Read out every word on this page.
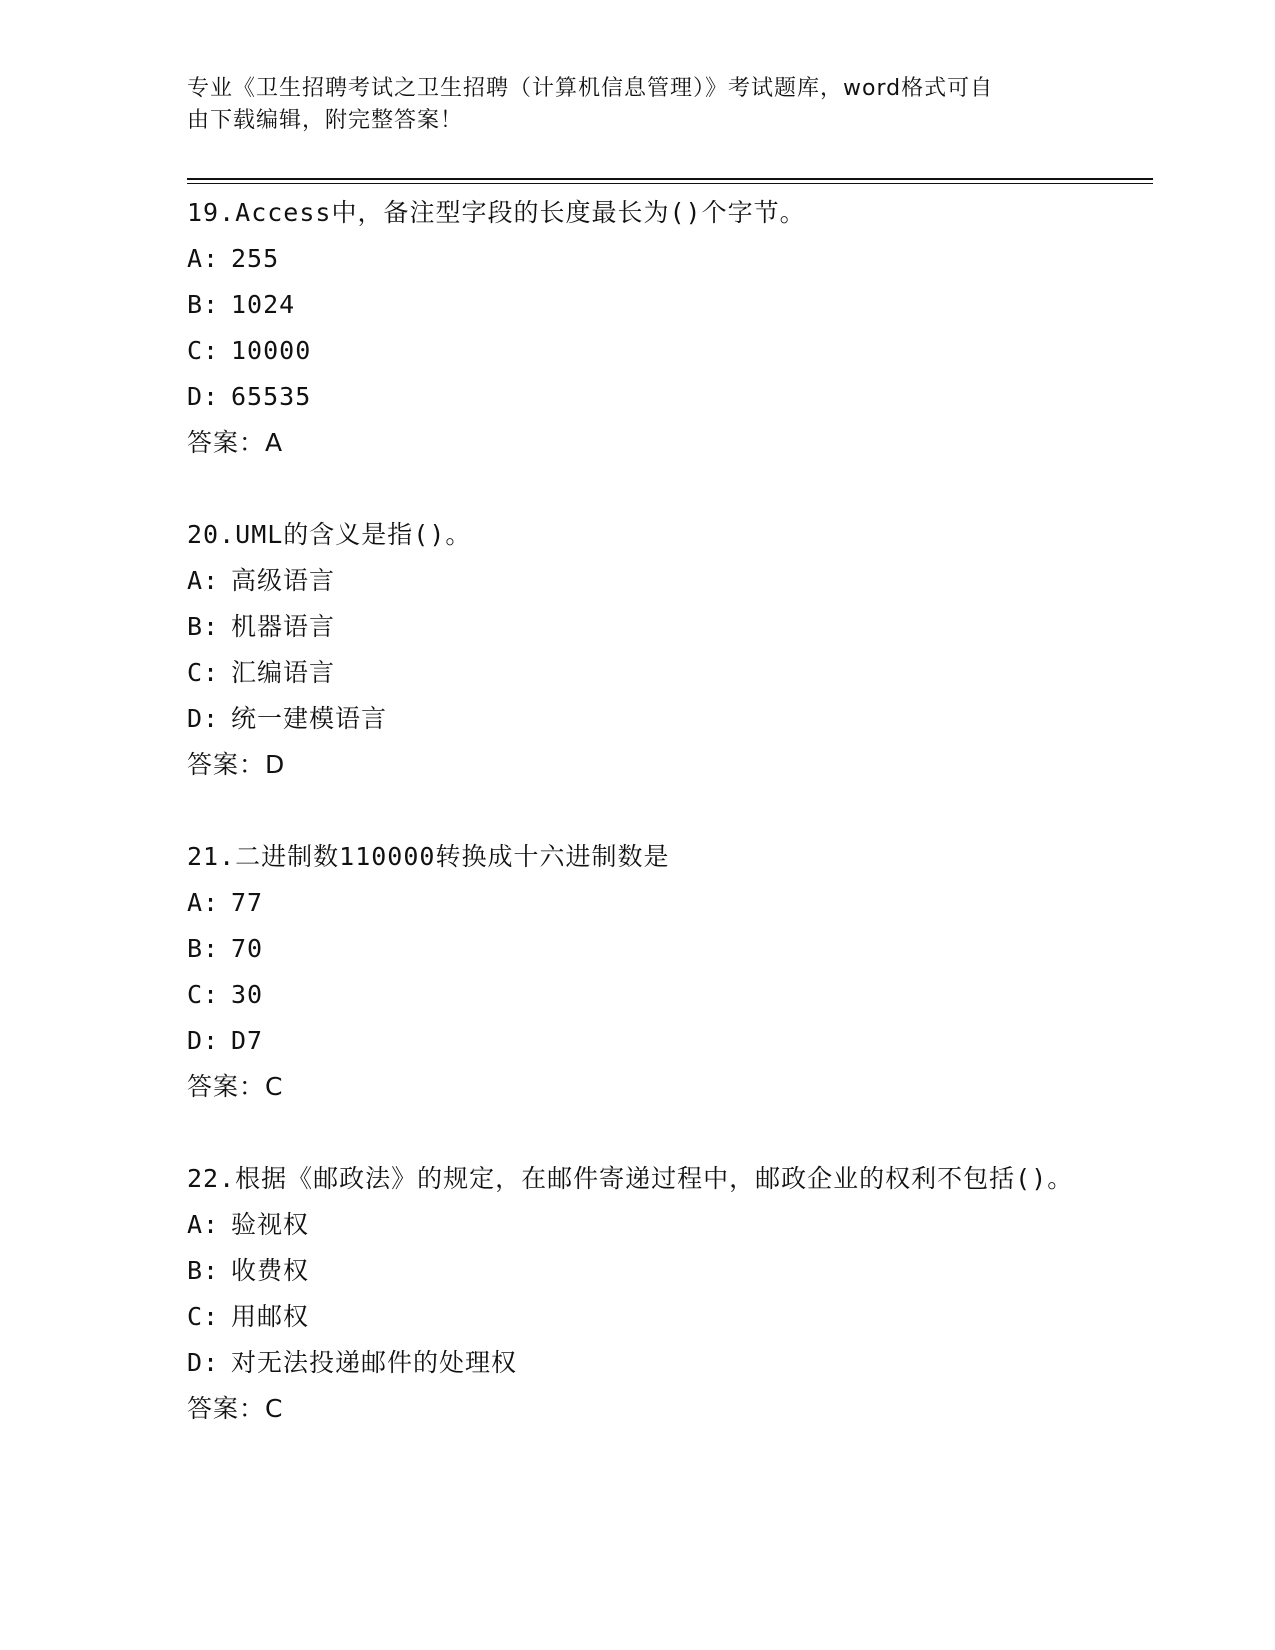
专业《卫生招聘考试之卫生招聘（计算机信息管理）》考试题库，word格式可自
由下载编辑，附完整答案！
19.Access中，备注型字段的长度最长为()个字节。
A: 255
B: 1024
C: 10000
D: 65535
答案：A
20.UML的含义是指()。
A: 高级语言
B: 机器语言
C: 汇编语言
D: 统一建模语言
答案：D
21.二进制数110000转换成十六进制数是
A: 77
B: 70
C: 30
D: D7
答案：C
22.根据《邮政法》的规定，在邮件寄递过程中，邮政企业的权利不包括()。
A: 验视权
B: 收费权
C: 用邮权
D: 对无法投递邮件的处理权
答案：C
